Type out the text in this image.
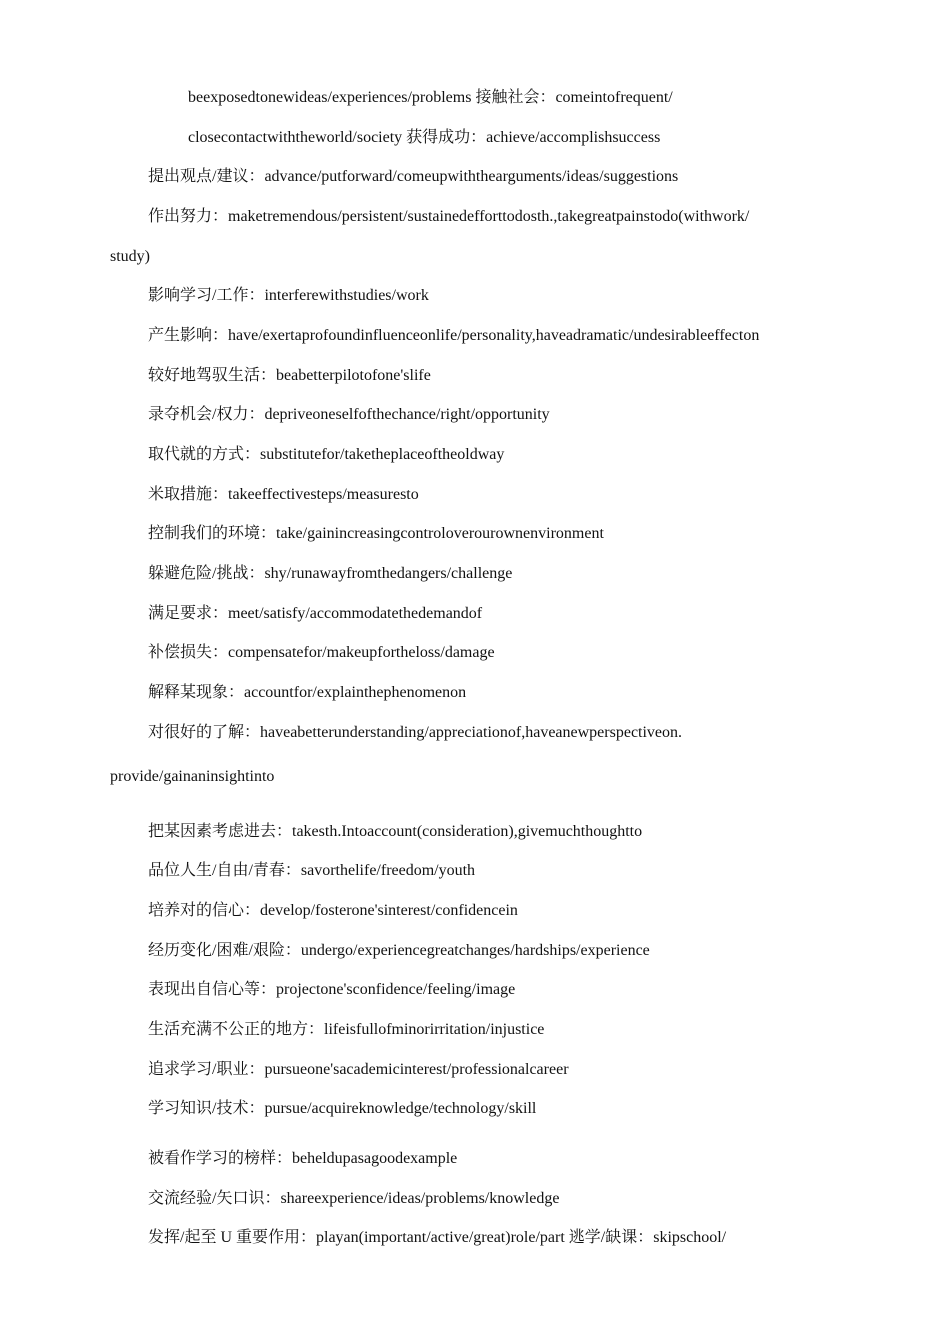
beexposedtonewideas/experiences/problems 接触社会：comeintofrequent/
closecontactwiththeworld/society 获得成功：achieve/accomplishsuccess
提出观点/建议：advance/putforward/comeupwiththearguments/ideas/suggestions
作出努力：maketremendous/persistent/sustainedefforttodosth.,takegreatpainstodo(withwork/
study)
影响学习/工作：interferewithstudies/work
产生影响：have/exertaprofoundinfluenceonlife/personality,haveadramatic/undesirableeffecton
较好地驾驭生活：beabetterpilotofone'slife
录夺机会/权力：depriveoneselfofthechance/right/opportunity
取代就的方式：substitutefor/taketheplaceoftheoldway
米取措施：takeeffectivesteps/measuresto
控制我们的环境：take/gainincreasingcontroloverourownenvironment
躲避危险/挑战：shy/runawayfromthedangers/challenge
满足要求：meet/satisfy/accommodatethedemandof
补偿损失：compensatefor/makeupfortheloss/damage
解释某现象：accountfor/explainthephenomenon
对很好的了解：haveabetterunderstanding/appreciationof,haveanewperspectiveon.
provide/gainaninsightinto
把某因素考虑进去：takesth.Intoaccount(consideration),givemuchthoughtto
品位人生/自由/青春：savorthelife/freedom/youth
培养对的信心：develop/fosterone'sinterest/confidencein
经历变化/困难/艰险：undergo/experiencegreatchanges/hardships/experience
表现出自信心等：projectone'sconfidence/feeling/image
生活充满不公正的地方：lifeisfullofminorirritation/injustice
追求学习/职业：pursueone'sacademicinterest/professionalcareer
学习知识/技术：pursue/acquireknowledge/technology/skill
被看作学习的榜样：beheldupasagoodexample
交流经验/矢口识：shareexperience/ideas/problems/knowledge
发挥/起至 U 重要作用：playan(important/active/great)role/part 逃学/缺课：skipschool/
